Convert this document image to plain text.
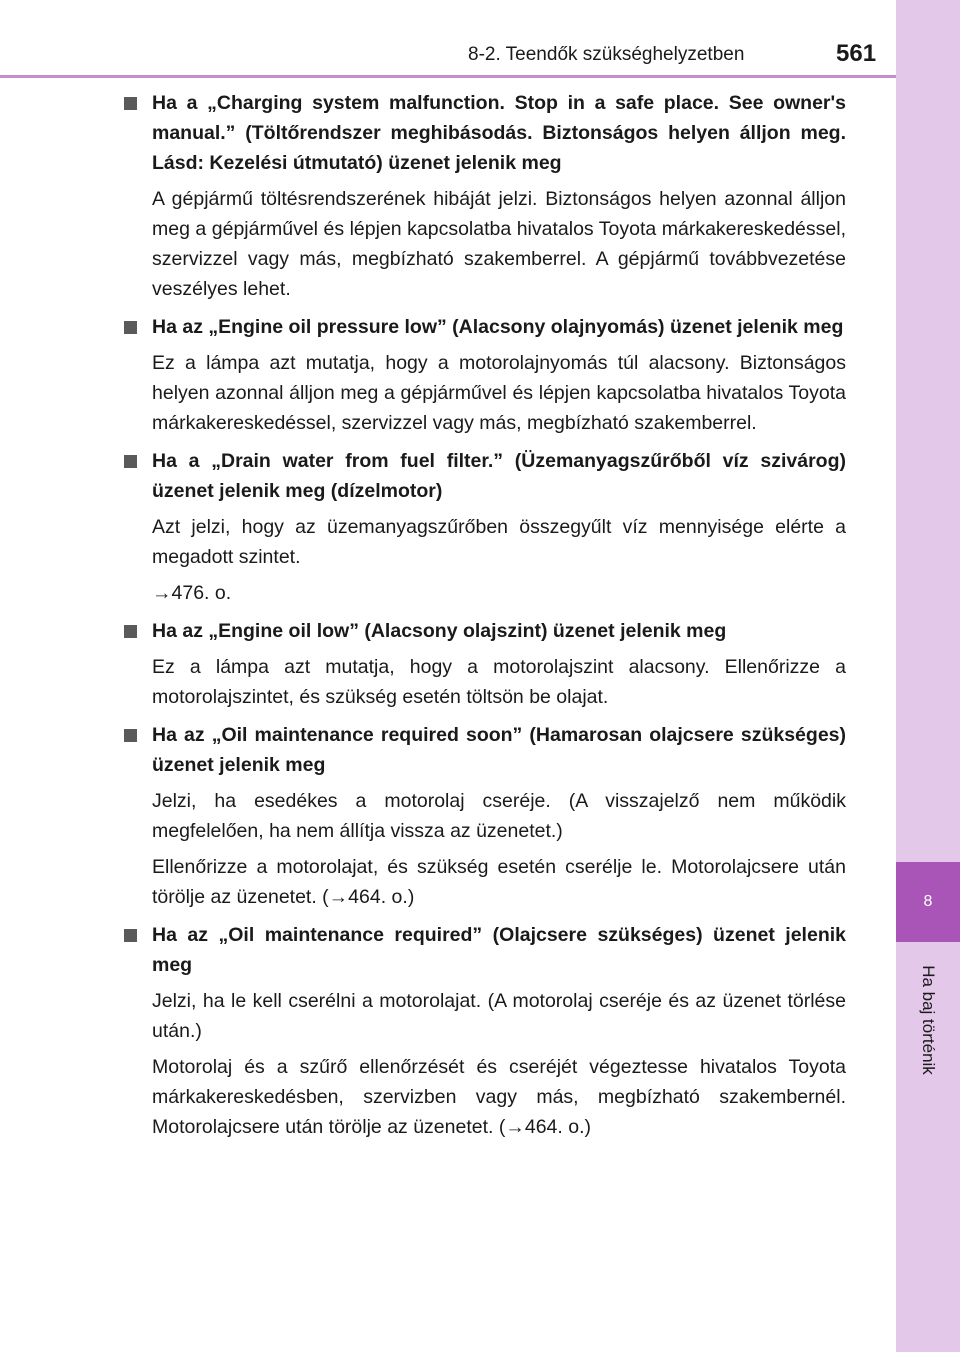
8-2. Teendők szükséghelyzetben	561
8
Ha baj történik
Ha a „Charging system malfunction. Stop in a safe place. See owner's manual.” (Töltőrendszer meghibásodás. Biztonságos helyen álljon meg. Lásd: Kezelési útmutató) üzenet jelenik meg

A gépjármű töltésrendszerének hibáját jelzi. Biztonságos helyen azonnal álljon meg a gépjárművel és lépjen kapcsolatba hivatalos Toyota márkakereskedéssel, szervizzel vagy más, megbízható szakemberrel. A gépjármű továbbvezetése veszélyes lehet.

Ha az „Engine oil pressure low” (Alacsony olajnyomás) üzenet jelenik meg

Ez a lámpa azt mutatja, hogy a motorolajnyomás túl alacsony. Biztonságos helyen azonnal álljon meg a gépjárművel és lépjen kapcsolatba hivatalos Toyota márkakereskedéssel, szervizzel vagy más, megbízható szakemberrel.

Ha a „Drain water from fuel filter.” (Üzemanyagszűrőből víz szivárog) üzenet jelenik meg (dízelmotor)

Azt jelzi, hogy az üzemanyagszűrőben összegyűlt víz mennyisége elérte a megadott szintet.

→476. o.

Ha az „Engine oil low” (Alacsony olajszint) üzenet jelenik meg

Ez a lámpa azt mutatja, hogy a motorolajszint alacsony. Ellenőrizze a motorolajszintet, és szükség esetén töltsön be olajat.

Ha az „Oil maintenance required soon” (Hamarosan olajcsere szükséges) üzenet jelenik meg

Jelzi, ha esedékes a motorolaj cseréje. (A visszajelző nem működik megfelelően, ha nem állítja vissza az üzenetet.)

Ellenőrizze a motorolajat, és szükség esetén cserélje le. Motorolajcsere után törölje az üzenetet. (→464. o.)

Ha az „Oil maintenance required” (Olajcsere szükséges) üzenet jelenik meg

Jelzi, ha le kell cserélni a motorolajat. (A motorolaj cseréje és az üzenet törlése után.)

Motorolaj és a szűrő ellenőrzését és cseréjét végeztesse hivatalos Toyota márkakereskedésben, szervizben vagy más, megbízható szakembernél. Motorolajcsere után törölje az üzenetet. (→464. o.)
